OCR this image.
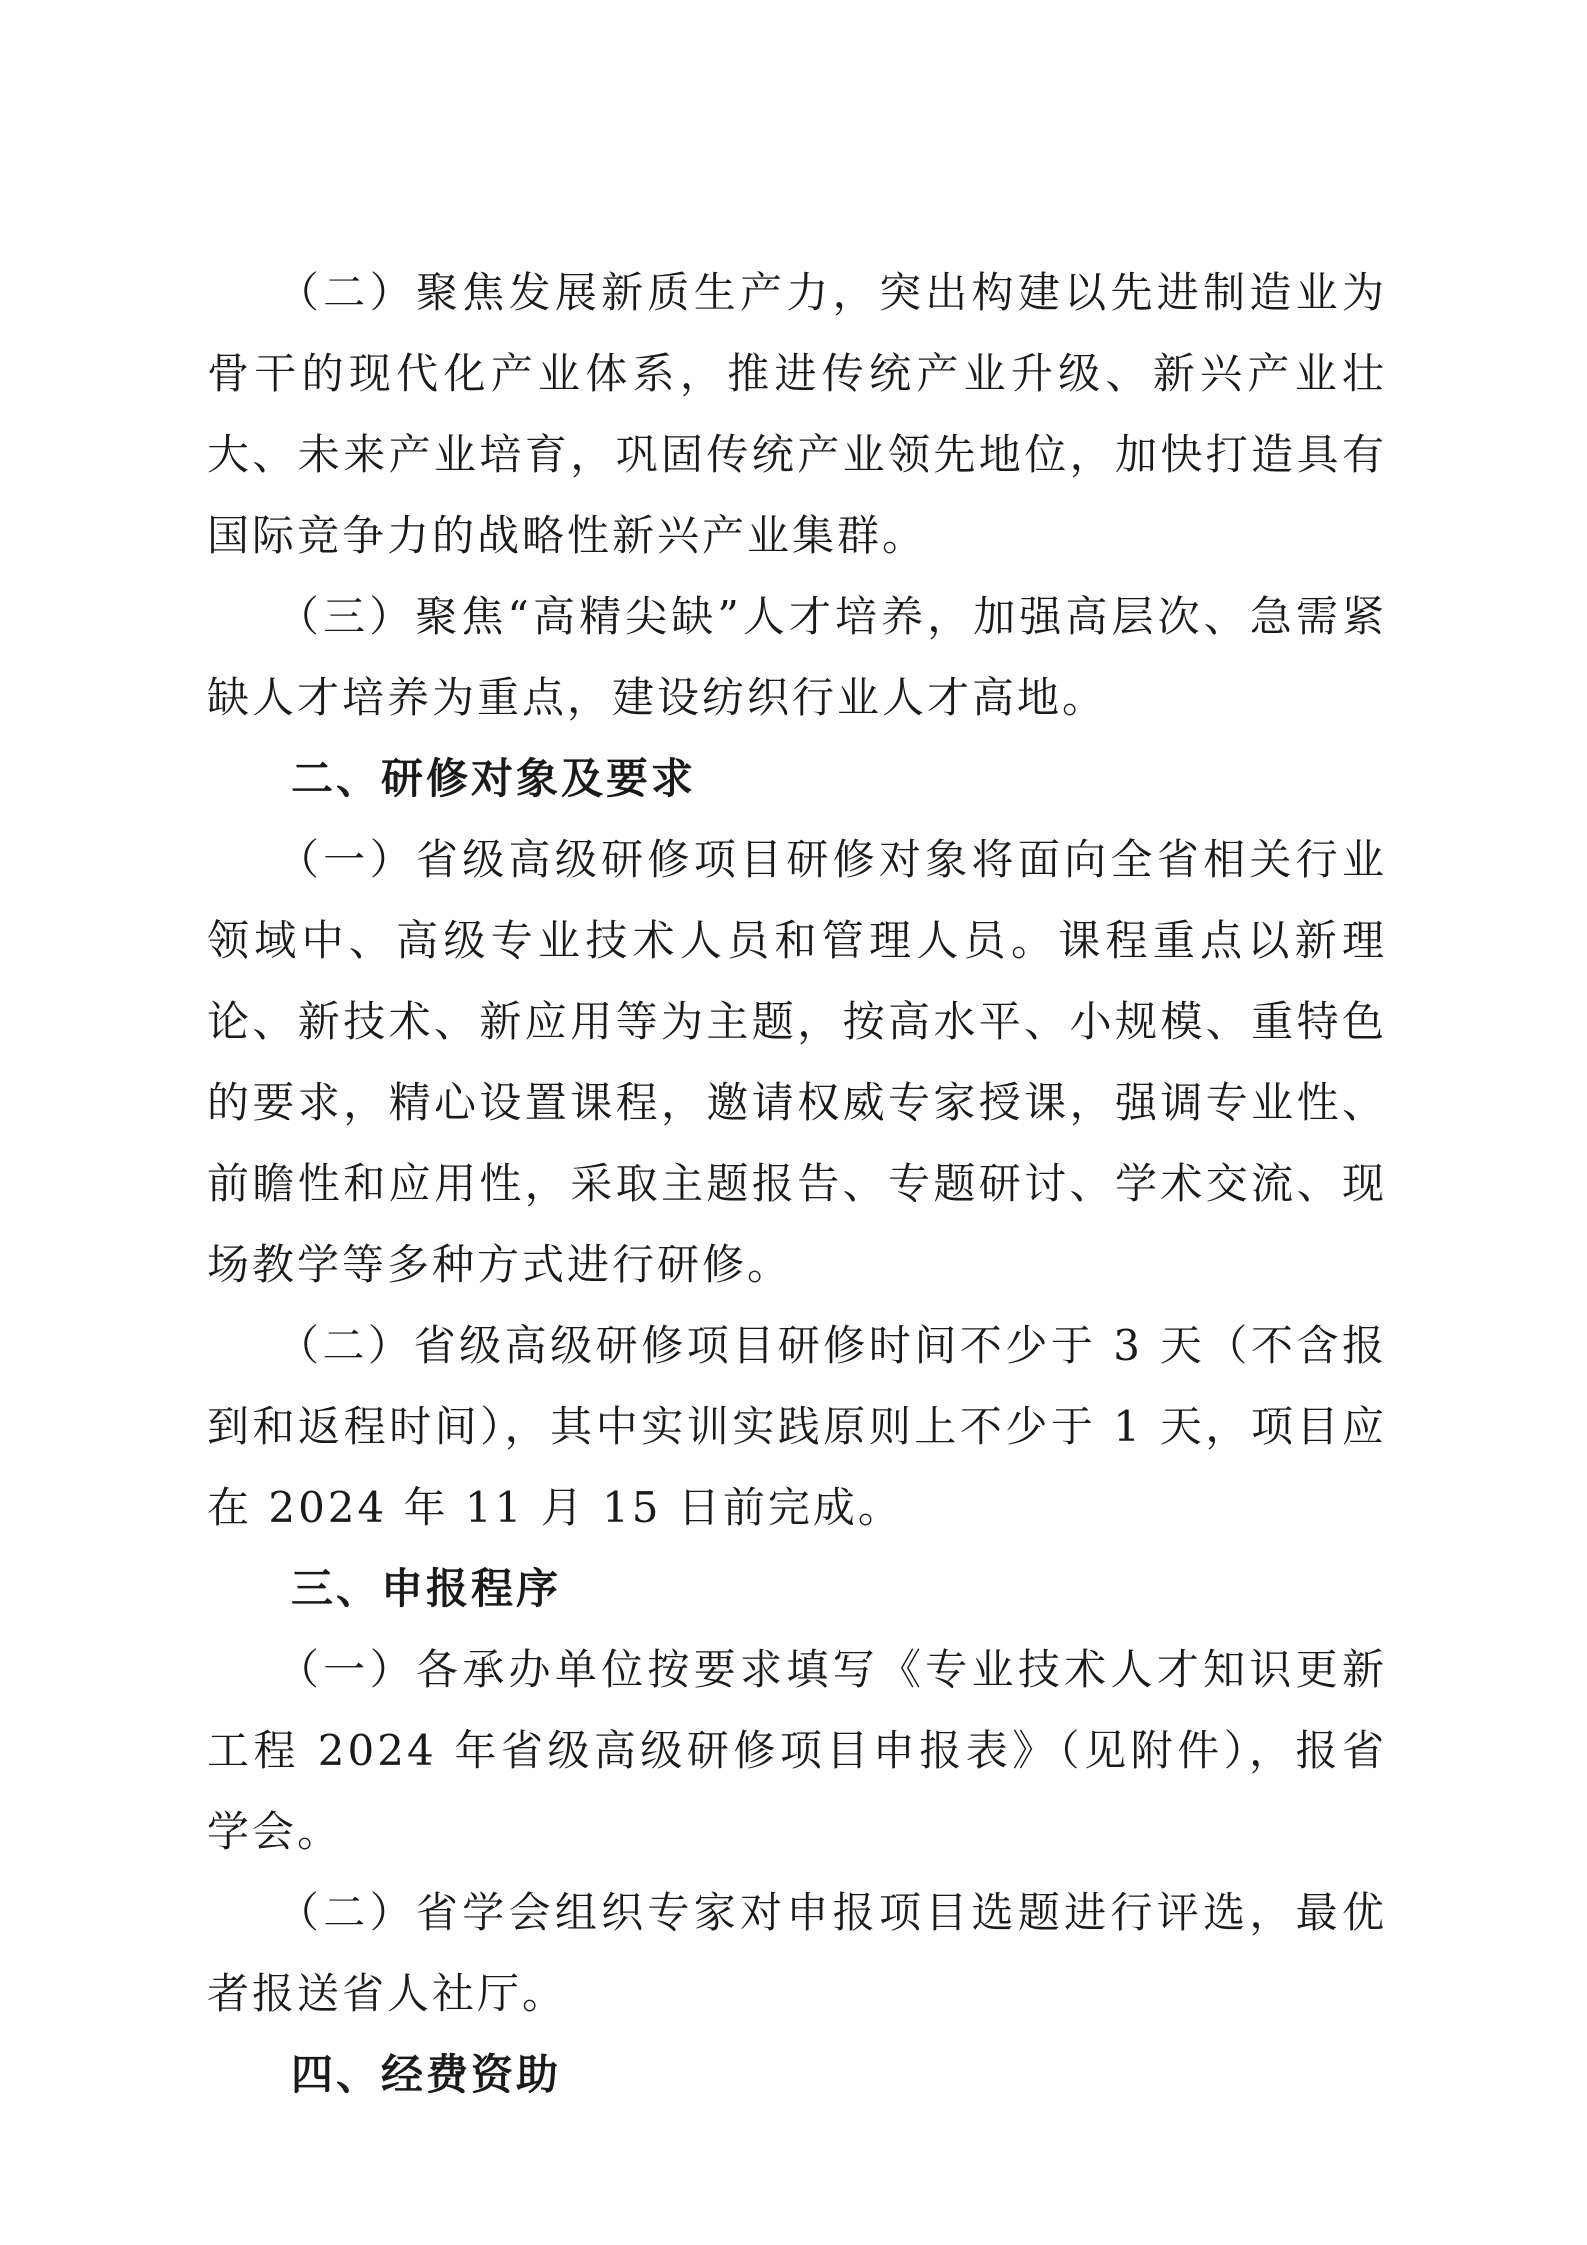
（二）聚焦发展新质生产力，突出构建以先进制造业为骨干的现代化产业体系，推进传统产业升级、新兴产业壮大、未来产业培育，巩固传统产业领先地位，加快打造具有国际竞争力的战略性新兴产业集群。

（三）聚焦“高精尖缺”人才培养，加强高层次、急需紧缺人才培养为重点，建设纺织行业人才高地。

二、研修对象及要求

（一）省级高级研修项目研修对象将面向全省相关行业领域中、高级专业技术人员和管理人员。课程重点以新理论、新技术、新应用等为主题，按高水平、小规模、重特色的要求，精心设置课程，邀请权威专家授课，强调专业性、前瞻性和应用性，采取主题报告、专题研讨、学术交流、现场教学等多种方式进行研修。

（二）省级高级研修项目研修时间不少于 3 天（不含报到和返程时间），其中实训实践原则上不少于 1 天，项目应在 2024 年 11 月 15 日前完成。

三、申报程序

（一）各承办单位按要求填写《专业技术人才知识更新工程 2024 年省级高级研修项目申报表》（见附件），报省学会。

（二）省学会组织专家对申报项目选题进行评选，最优者报送省人社厅。

四、经费资助
